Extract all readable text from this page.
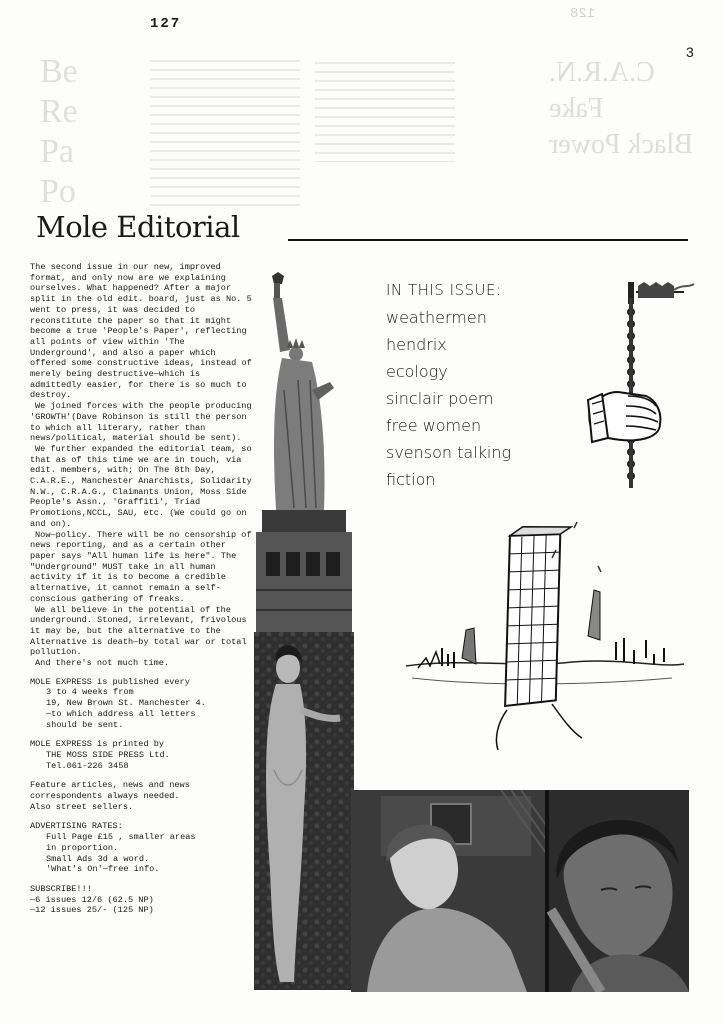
128
Be
Re
Pa
Po
C.A.R.N.
Fake
Black Power
127
3
Mole Editorial

The second issue in our new, improved format, and only now are we explaining ourselves. What happened? After a major split in the old edit. board, just as No. 5 went to press, it was decided to reconstitute the paper so that it might become a true 'People's Paper', reflecting all points of view within 'The Underground', and also a paper which offered some constructive ideas, instead of merely being destructive—which is admittedly easier, for there is so much to destroy.

We joined forces with the people producing 'GROWTH'(Dave Robinson is still the person to which all literary, rather than news/political, material should be sent).

We further expanded the editorial team, so that as of this time we are in touch, via edit. members, with; On The 8th Day, C.A.R.E., Manchester Anarchists, Solidarity N.W., C.R.A.G., Claimants Union, Moss Side People's Assn., 'Graffiti', Triad Promotions,NCCL, SAU, etc. (We could go on and on).

Now—policy. There will be no censorship of news reporting, and as a certain other paper says "All human life is here". The "Underground" MUST take in all human activity if it is to become a credible alternative, it cannot remain a self-conscious gathering of freaks.

We all believe in the potential of the underground. Stoned, irrelevant, frivolous it may be, but the alternative to the Alternative is death—by total war or total pollution.

And there's not much time.

MOLE EXPRESS is published every
3 to 4 weeks from
19, New Brown St. Manchester 4.
—to which address all letters
should be sent.
MOLE EXPRESS is printed by
THE MOSS SIDE PRESS Ltd.
Tel.061-226 3458
Feature articles, news and news
correspondents always needed.
Also street sellers.
ADVERTISING RATES:
Full Page £15 , smaller areas
in proportion.
Small Ads 3d a word.
'What's On'—free info.
SUBSCRIBE!!!
—6 issues 12/6 (62.5 NP)
—12 issues 25/- (125 NP)
IN THIS ISSUE:
weathermen
hendrix
ecology
sinclair poem
free women
svenson talking
fiction
